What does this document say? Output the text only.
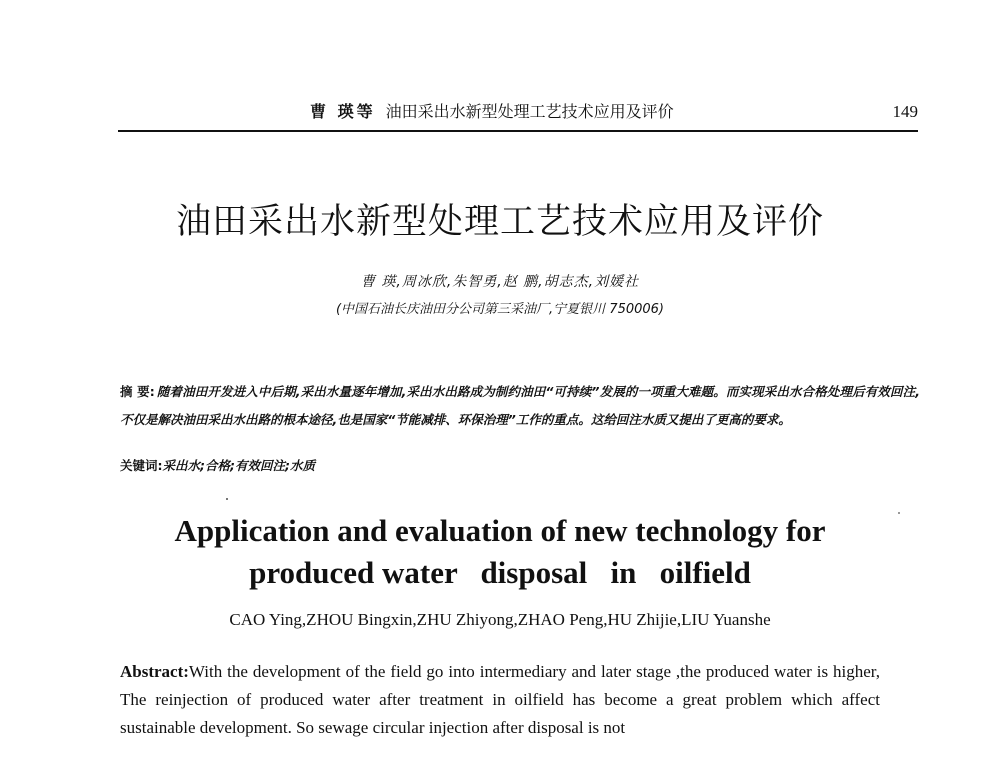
曹 瑛等 油田采出水新型处理工艺技术应用及评价	149
油田采出水新型处理工艺技术应用及评价
曹 瑛,周冰欣,朱智勇,赵 鹏,胡志杰,刘媛社
(中国石油长庆油田分公司第三采油厂,宁夏银川 750006)
摘 要: 随着油田开发进入中后期,采出水量逐年增加,采出水出路成为制约油田“可持续”发展的一项重大难题。而实现采出水合格处理后有效回注,不仅是解决油田采出水出路的根本途径,也是国家“节能减排、环保治理”工作的重点。这给回注水质又提出了更高的要求。
关键词:采出水;合格;有效回注;水质
Application and evaluation of new technology for
produced water   disposal   in   oilfield
CAO Ying,ZHOU Bingxin,ZHU Zhiyong,ZHAO Peng,HU Zhijie,LIU Yuanshe
Abstract:With the development of the field go into intermediary and later stage ,the produced water is higher, The reinjection of produced water after treatment in oilfield has become a great problem which affect sustainable development. So sewage circular injection after disposal is not
